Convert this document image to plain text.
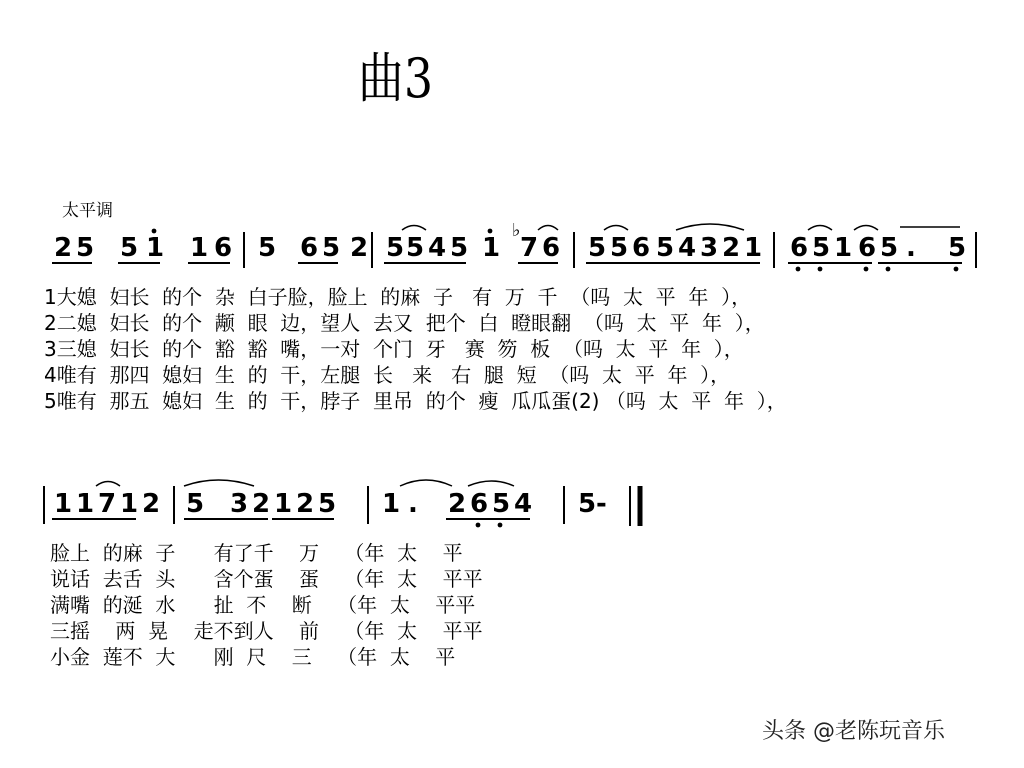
曲3
太平调
♭
2 5 5 1 1 6 5 6 5 2 5 5 4 5 1 7 6 5 5 6 5 4 3 2 1 6 5 1 6 5 . 5
1 1 7 1 2 5 3 2 1 2 5 1 . 2 6 5 4 5 -
1大媳  妇长  的个  杂  白子脸，脸上  的麻  子   有  万  千  （吗  太  平  年  ），
2二媳  妇长  的个  颟  眼  边，望人  去又  把个  白  瞪眼翻  （吗  太  平  年  ），
3三媳  妇长  的个  豁  豁  嘴，一对  个门  牙   赛  笏  板  （吗  太  平  年  ），
4唯有  那四  媳妇  生  的  干，左腿  长   来   右  腿  短  （吗  太  平  年  ），
5唯有  那五  媳妇  生  的  干，脖子  里吊  的个  瘦  瓜瓜蛋(2) （吗  太  平  年  ），
脸上  的麻  子      有了千    万    （年  太    平
说话  去舌  头      含个蛋    蛋    （年  太    平平
满嘴  的涎  水      扯  不    断    （年  太    平平
三摇    两  晃    走不到人    前    （年  太    平平
小金  莲不  大      刚  尺    三    （年  太    平
头条 @老陈玩音乐
